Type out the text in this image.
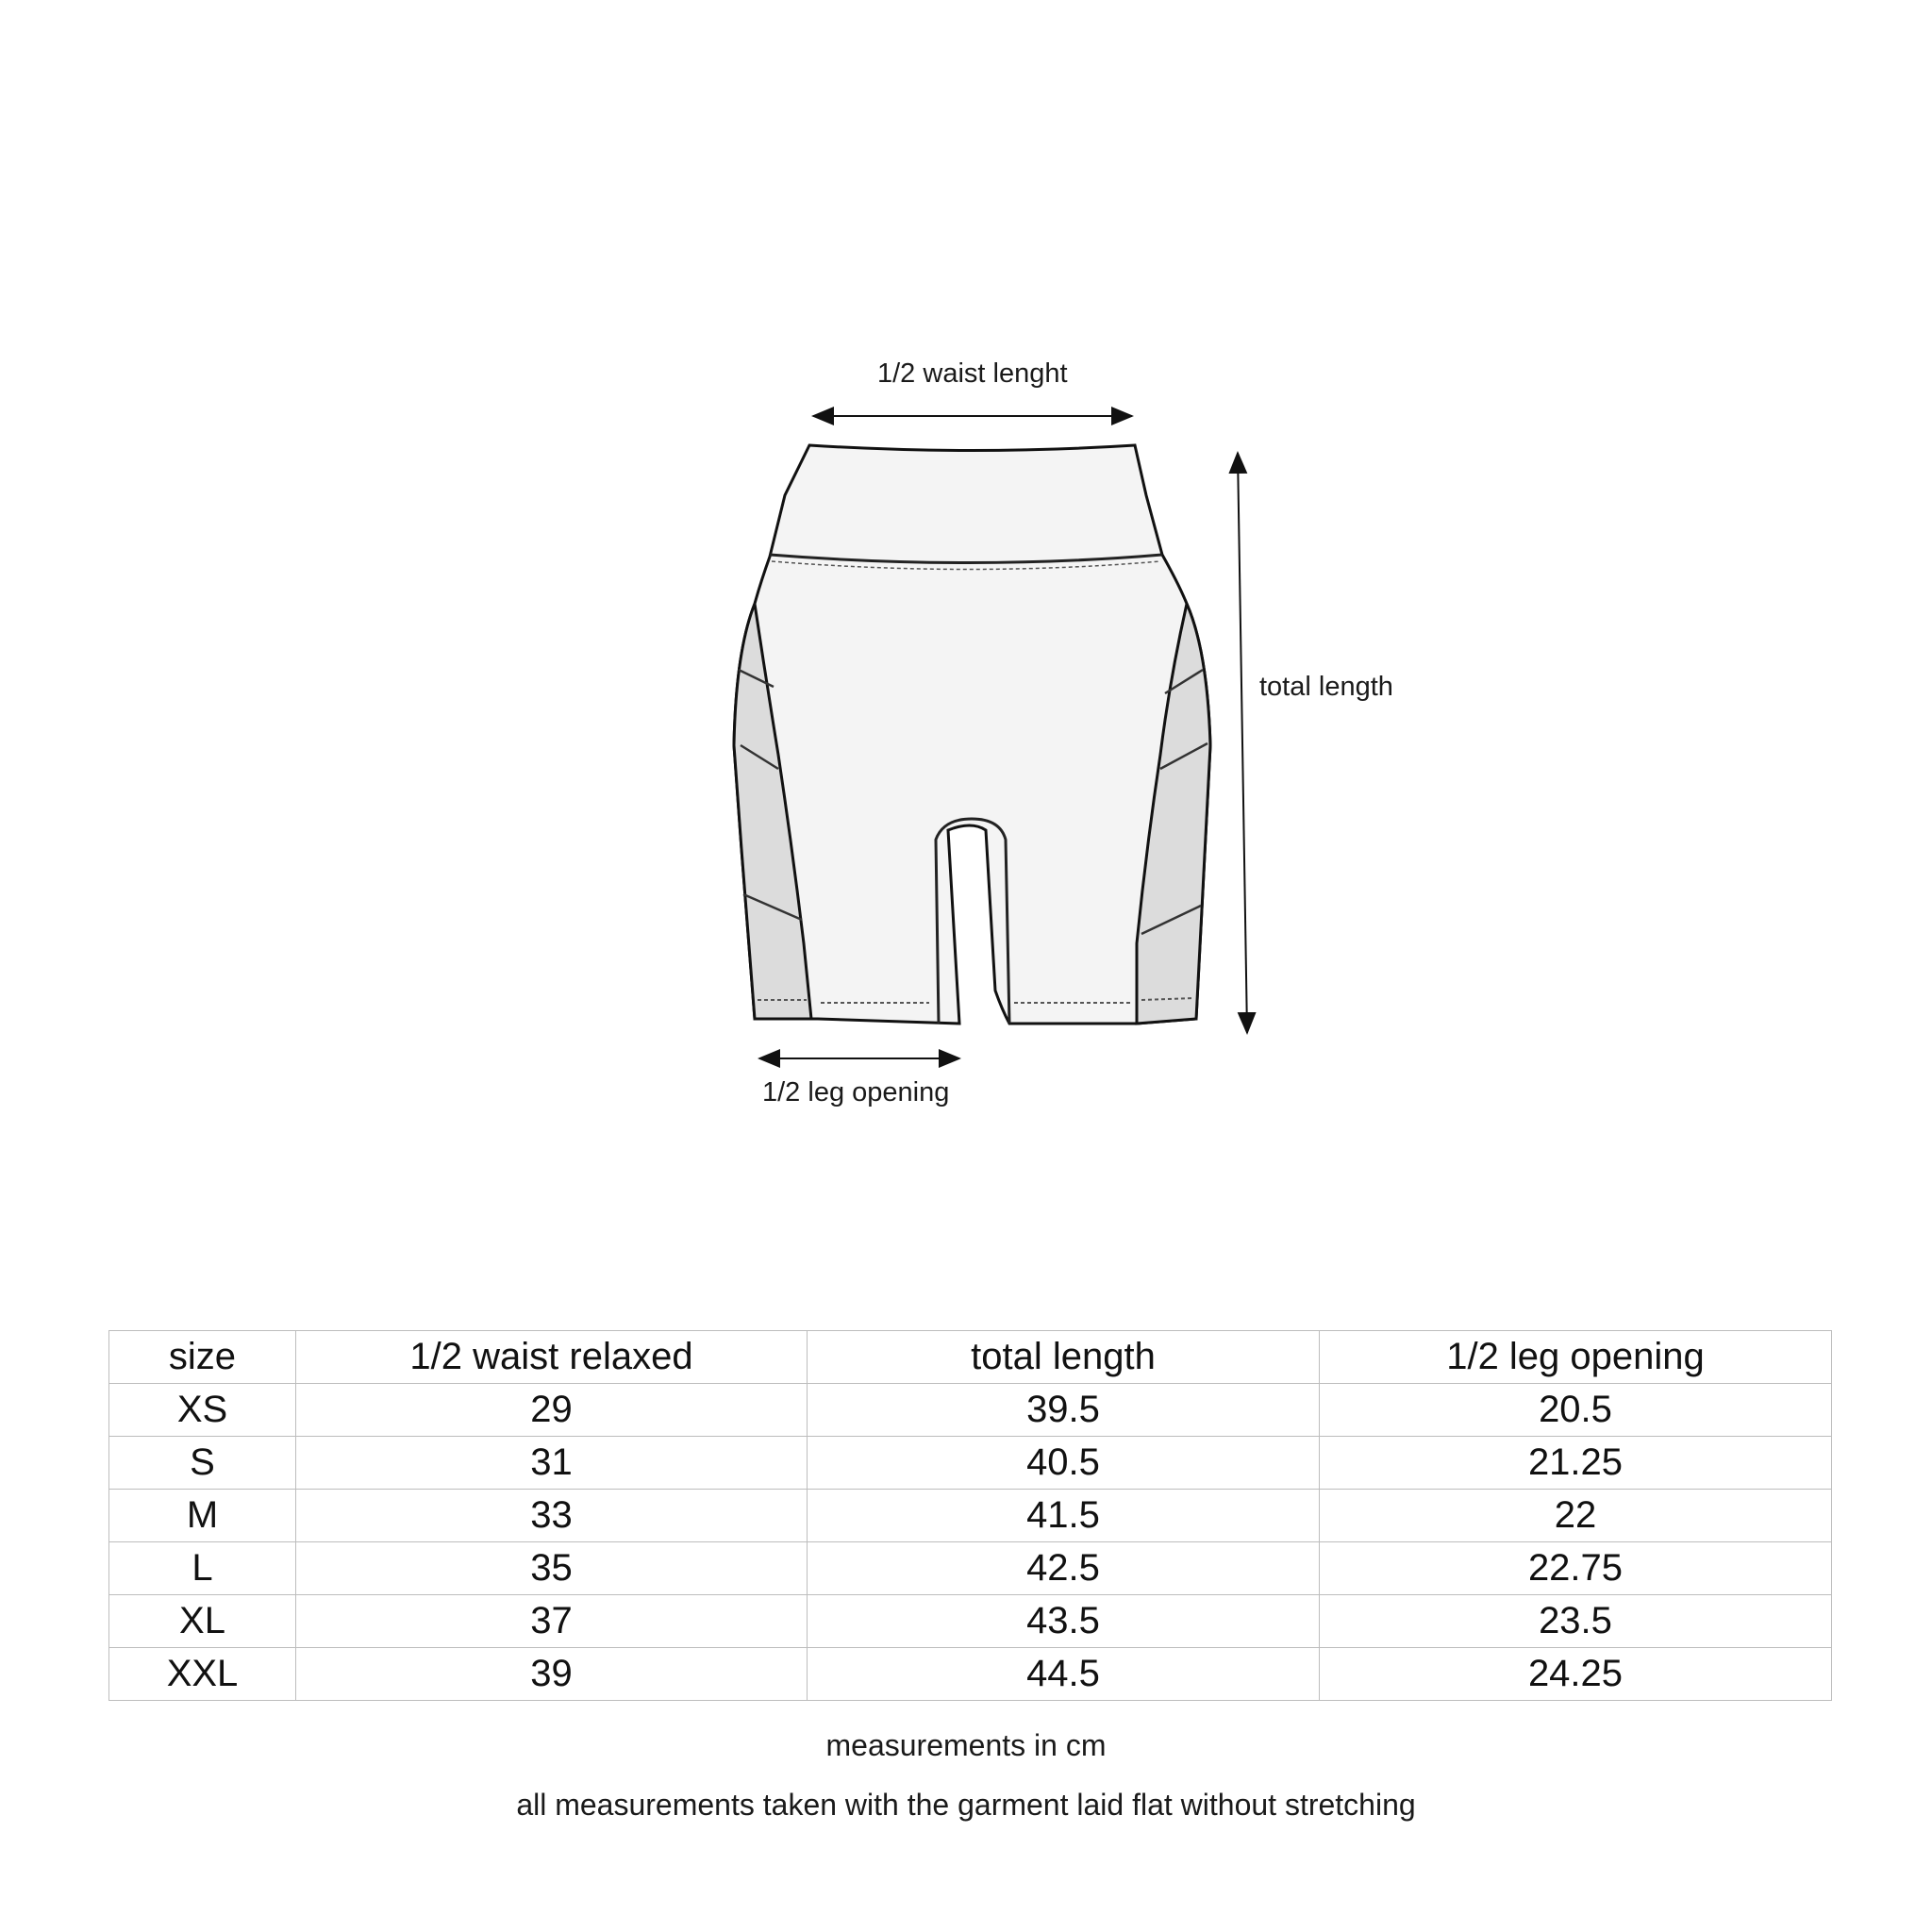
1/2 waist lenght
total length
1/2 leg opening
size	1/2 waist relaxed	total length	1/2 leg opening
XS	29	39.5	20.5
S	31	40.5	21.25
M	33	41.5	22
L	35	42.5	22.75
XL	37	43.5	23.5
XXL	39	44.5	24.25
measurements in cm
all measurements taken with the garment laid flat without stretching
